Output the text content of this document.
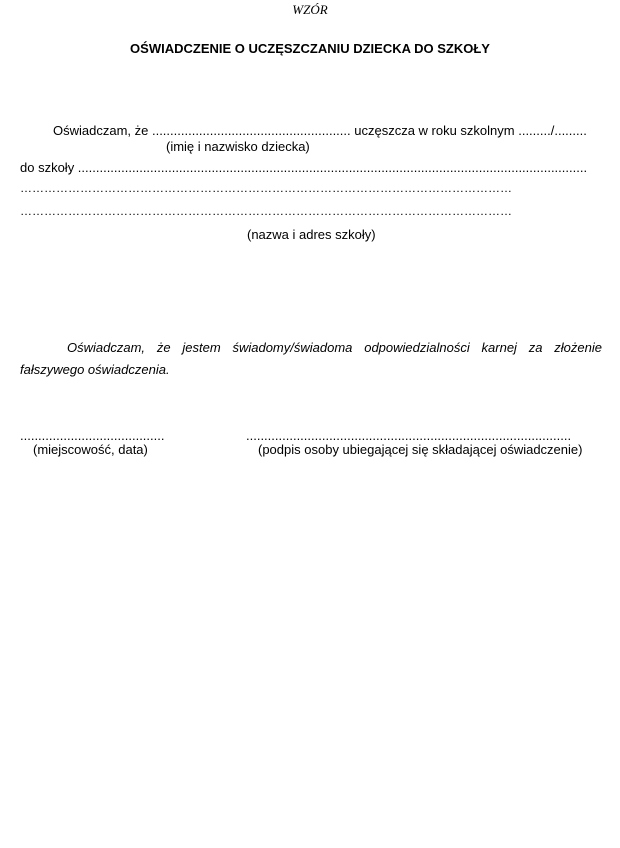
WZÓR
OŚWIADCZENIE O UCZĘSZCZANIU DZIECKA DO SZKOŁY
Oświadczam, że ....................................................... uczęszcza w roku szkolnym ........./.........
(imię i nazwisko dziecka)
do szkoły .............................................................................................................................................
……………………………………………………………………………………………………………
……………………………………………………………………………………………………………
(nazwa i adres szkoły)
Oświadczam, że jestem świadomy/świadoma odpowiedzialności karnej za złożenie fałszywego oświadczenia.
........................................
(miejscowość, data)
..........................................................................................
(podpis osoby ubiegającej się składającej oświadczenie)
